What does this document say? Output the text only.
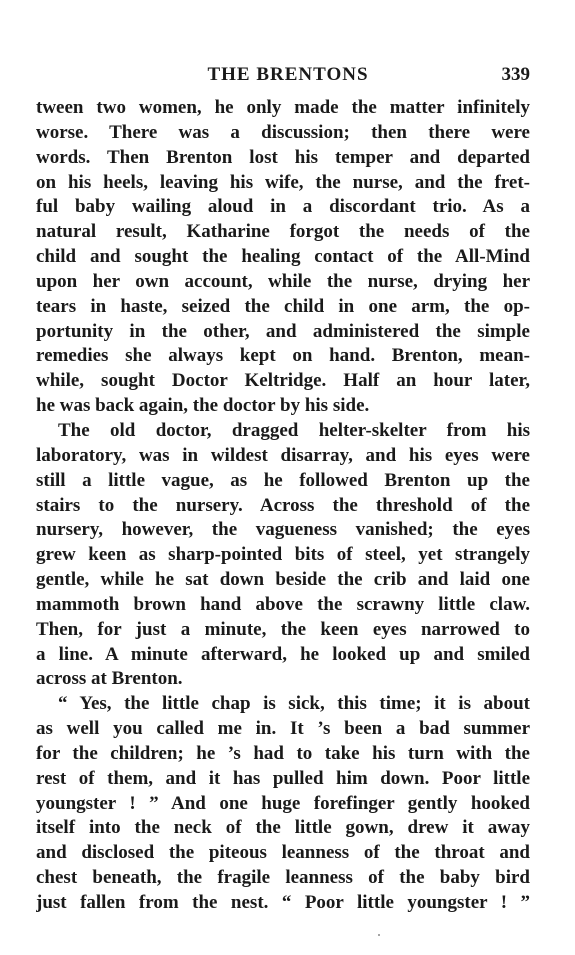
THE BRENTONS	339
tween two women, he only made the matter infinitely
worse. There was a discussion; then there were
words. Then Brenton lost his temper and departed
on his heels, leaving his wife, the nurse, and the fret-
ful baby wailing aloud in a discordant trio. As a
natural result, Katharine forgot the needs of the
child and sought the healing contact of the All-Mind
upon her own account, while the nurse, drying her
tears in haste, seized the child in one arm, the op-
portunity in the other, and administered the simple
remedies she always kept on hand. Brenton, mean-
while, sought Doctor Keltridge. Half an hour later,
he was back again, the doctor by his side.
The old doctor, dragged helter-skelter from his
laboratory, was in wildest disarray, and his eyes were
still a little vague, as he followed Brenton up the
stairs to the nursery. Across the threshold of the
nursery, however, the vagueness vanished; the eyes
grew keen as sharp-pointed bits of steel, yet strangely
gentle, while he sat down beside the crib and laid one
mammoth brown hand above the scrawny little claw.
Then, for just a minute, the keen eyes narrowed to
a line. A minute afterward, he looked up and smiled
across at Brenton.
“ Yes, the little chap is sick, this time; it is about
as well you called me in. It ’s been a bad summer
for the children; he ’s had to take his turn with the
rest of them, and it has pulled him down. Poor little
youngster ! ” And one huge forefinger gently hooked
itself into the neck of the little gown, drew it away
and disclosed the piteous leanness of the throat and
chest beneath, the fragile leanness of the baby bird
just fallen from the nest. “ Poor little youngster ! ”
